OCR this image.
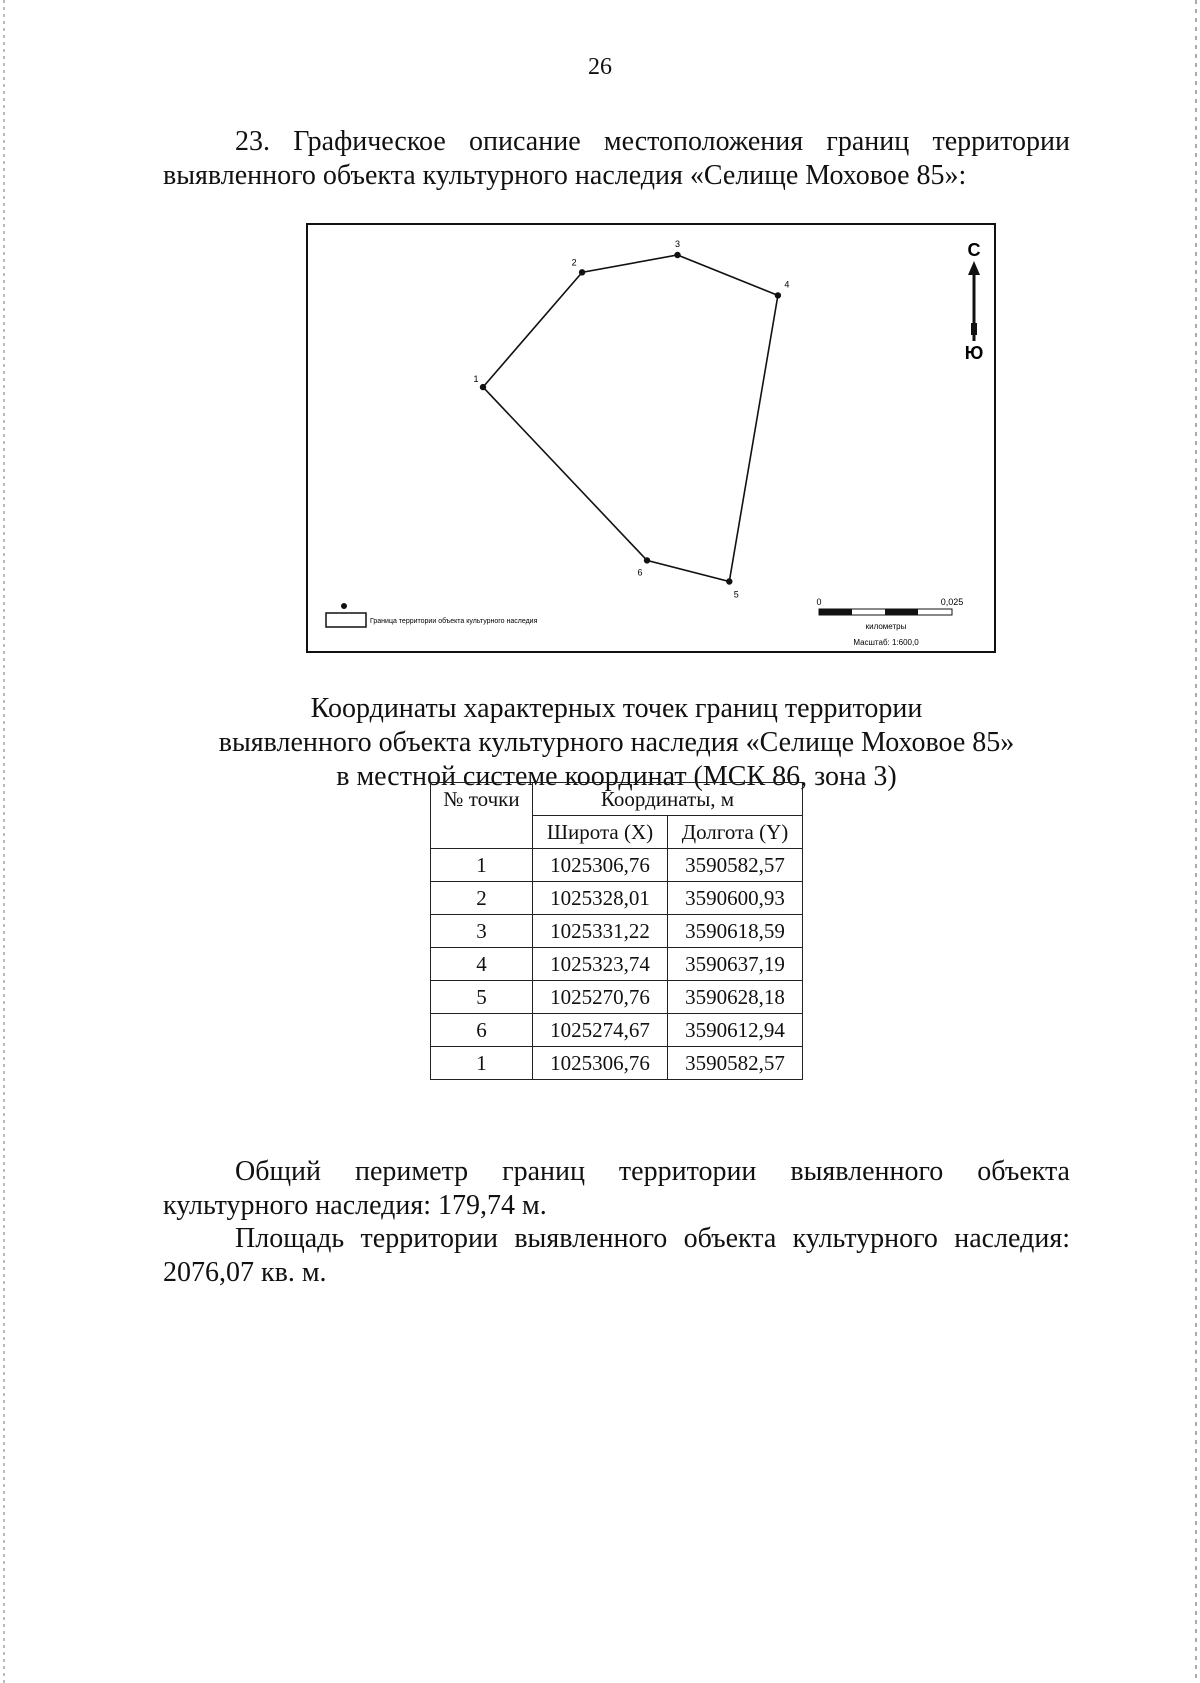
26
23. Графическое описание местоположения границ территории
выявленного объекта культурного наследия «Селище Моховое 85»:
1
2
3
4
5
6
С
Ю
Граница территории объекта культурного наследия
0	0,025
километры
Масштаб: 1:600,0
Координаты характерных точек границ территории
выявленного объекта культурного наследия «Селище Моховое 85»
в местной системе координат (МСК 86, зона 3)
№ точки	Координаты, м	
	Широта (X)	Долгота (Y)
1	1025306,76	3590582,57
2	1025328,01	3590600,93
3	1025331,22	3590618,59
4	1025323,74	3590637,19
5	1025270,76	3590628,18
6	1025274,67	3590612,94
1	1025306,76	3590582,57
Общий периметр границ территории выявленного объекта
культурного наследия: 179,74 м.
Площадь территории выявленного объекта культурного наследия:
2076,07 кв. м.
